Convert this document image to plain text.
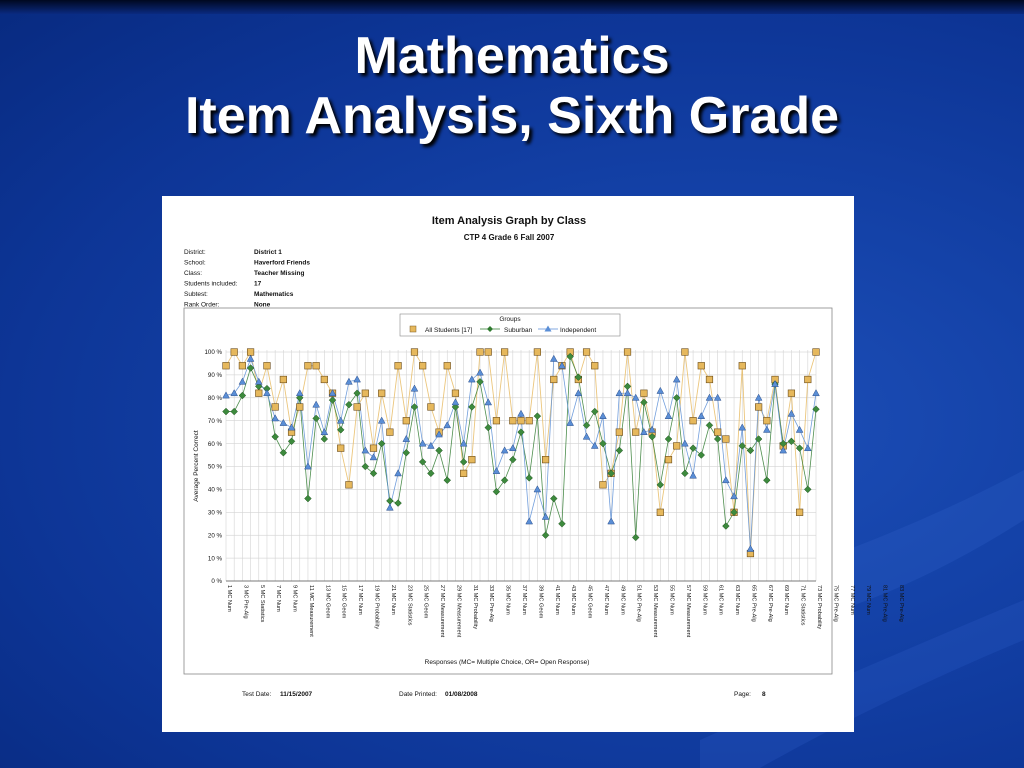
Mathematics
Item Analysis, Sixth Grade
Item Analysis Graph by Class
CTP 4 Grade 6 Fall 2007
District:	District 1
School:	Haverford Friends
Class:	Teacher Missing
Students included:	17
Subtest:	Mathematics
Rank Order:	None
Groups
All Students [17]	Suburban	Independent
0 %
10 %
20 %
30 %
40 %
50 %
60 %
70 %
80 %
90 %
100 %
1 MC Num 3 MC Pre-Alg 5 MC Statistics 7 MC Num 9 MC Num 11 MC Measurement 13 MC Geom 15 MC Geom 17 MC Num 19 MC Probability 21 MC Num 23 MC Statistics 25 MC Geom 27 MC Measurement 29 MC Measurement 31 MC Probability 33 MC Pre-Alg 35 MC Num 37 MC Num 39 MC Geom 41 MC Num 43 MC Num 45 MC Geom 47 MC Num 49 MC Num 51 MC Pre-Alg 53 MC Measurement 55 MC Num 57 MC Measurement 59 MC Num 61 MC Num 63 MC Num 65 MC Pre-Alg 67 MC Pre-Alg 69 MC Num 71 MC Statistics 73 MC Probability 75 MC Pre-Alg 77 MC Num 79 MC Num 81 MC Pre-Alg 83 MC Pre-Alg
Average Percent Correct
Responses (MC= Multiple Choice, OR= Open Response)
Test Date: 11/15/2007	Date Printed: 01/08/2008	Page: 8
